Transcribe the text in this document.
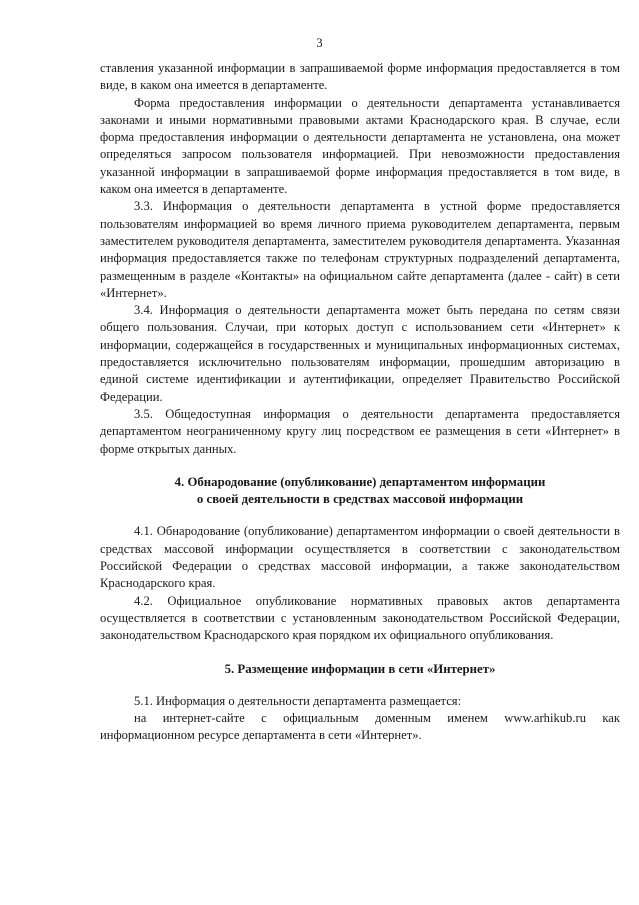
3

ставления указанной информации в запрашиваемой форме информация предоставляется в том виде, в каком она имеется в департаменте.

Форма предоставления информации о деятельности департамента устанавливается законами и иными нормативными правовыми актами Краснодарского края. В случае, если форма предоставления информации о деятельности департамента не установлена, она может определяться запросом пользователя информацией. При невозможности предоставления указанной информации в запрашиваемой форме информация предоставляется в том виде, в каком она имеется в департаменте.

3.3. Информация о деятельности департамента в устной форме предоставляется пользователям информацией во время личного приема руководителем департамента, первым заместителем руководителя департамента, заместителем руководителя департамента. Указанная информация предоставляется также по телефонам структурных подразделений департамента, размещенным в разделе «Контакты» на официальном сайте департамента (далее - сайт) в сети «Интернет».

3.4. Информация о деятельности департамента может быть передана по сетям связи общего пользования. Случаи, при которых доступ с использованием сети «Интернет» к информации, содержащейся в государственных и муниципальных информационных системах, предоставляется исключительно пользователям информации, прошедшим авторизацию в единой системе идентификации и аутентификации, определяет Правительство Российской Федерации.

3.5. Общедоступная информация о деятельности департамента предоставляется департаментом неограниченному кругу лиц посредством ее размещения в сети «Интернет» в форме открытых данных.

4. Обнародование (опубликование) департаментом информации
о своей деятельности в средствах массовой информации

4.1. Обнародование (опубликование) департаментом информации о своей деятельности в средствах массовой информации осуществляется в соответствии с законодательством Российской Федерации о средствах массовой информации, а также законодательством Краснодарского края.

4.2. Официальное опубликование нормативных правовых актов департамента осуществляется в соответствии с установленным законодательством Российской Федерации, законодательством Краснодарского края порядком их официального опубликования.

5. Размещение информации в сети «Интернет»

5.1. Информация о деятельности департамента размещается:

на интернет-сайте с официальным доменным именем www.arhikub.ru как информационном ресурсе департамента в сети «Интернет».
